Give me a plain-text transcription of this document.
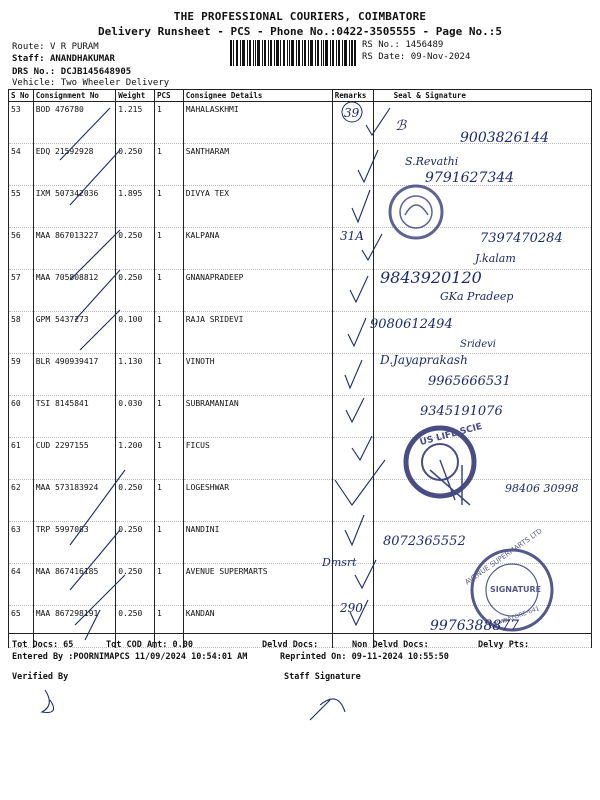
THE PROFESSIONAL COURIERS, COIMBATORE
Delivery Runsheet - PCS - Phone No.:0422-3505555 - Page No.:5
Route: V R PURAM
Staff: ANANDHAKUMAR
DRS No.: DCJB145648905
Vehicle: Two Wheeler Delivery
RS No.: 1456489
RS Date: 09-Nov-2024
S No	Consignment No	Weight	PCS	Consignee Details	Remarks	Seal & Signature
53	BOD 476780	1.215	1	MAHALASKHMI		
54	EDQ 21592928	0.250	1	SANTHARAM		
55	IXM 507342036	1.895	1	DIVYA TEX		
56	MAA 867013227	0.250	1	KALPANA		
57	MAA 705808812	0.250	1	GNANAPRADEEP		
58	GPM 5437273	0.100	1	RAJA SRIDEVI		
59	BLR 490939417	1.130	1	VINOTH		
60	TSI 8145841	0.030	1	SUBRAMANIAN		
61	CUD 2297155	1.200	1	FICUS		
62	MAA 573183924	0.250	1	LOGESHWAR		
63	TRP 5997083	0.250	1	NANDINI		
64	MAA 867416185	0.250	1	AVENUE SUPERMARTS		
65	MAA 867298191	0.250	1	KANDAN		
Tot Docs: 65	Tot COD Amt: 0.00	Delvd Docs:	Non Delvd Docs:	Delvy Pts:
Entered By :POORNIMAPCS 11/09/2024 10:54:01 AM	Reprinted On: 09-11-2024 10:55:50
Verified By	Staff Signature
39
9003826144
ℬ
S.Revathi
9791627344
31A	7397470284
J.kalam
9843920120
GKa Pradeep
9080612494
Sridevi
D.Jayaprakash
9965666531
9345191076
98406 30998
8072365552
Dmsrt
290
9976388877
US LIFE SCIE
AVENUE SUPERMARTS LTD
SIGNATURE
COIMBATORE-641
